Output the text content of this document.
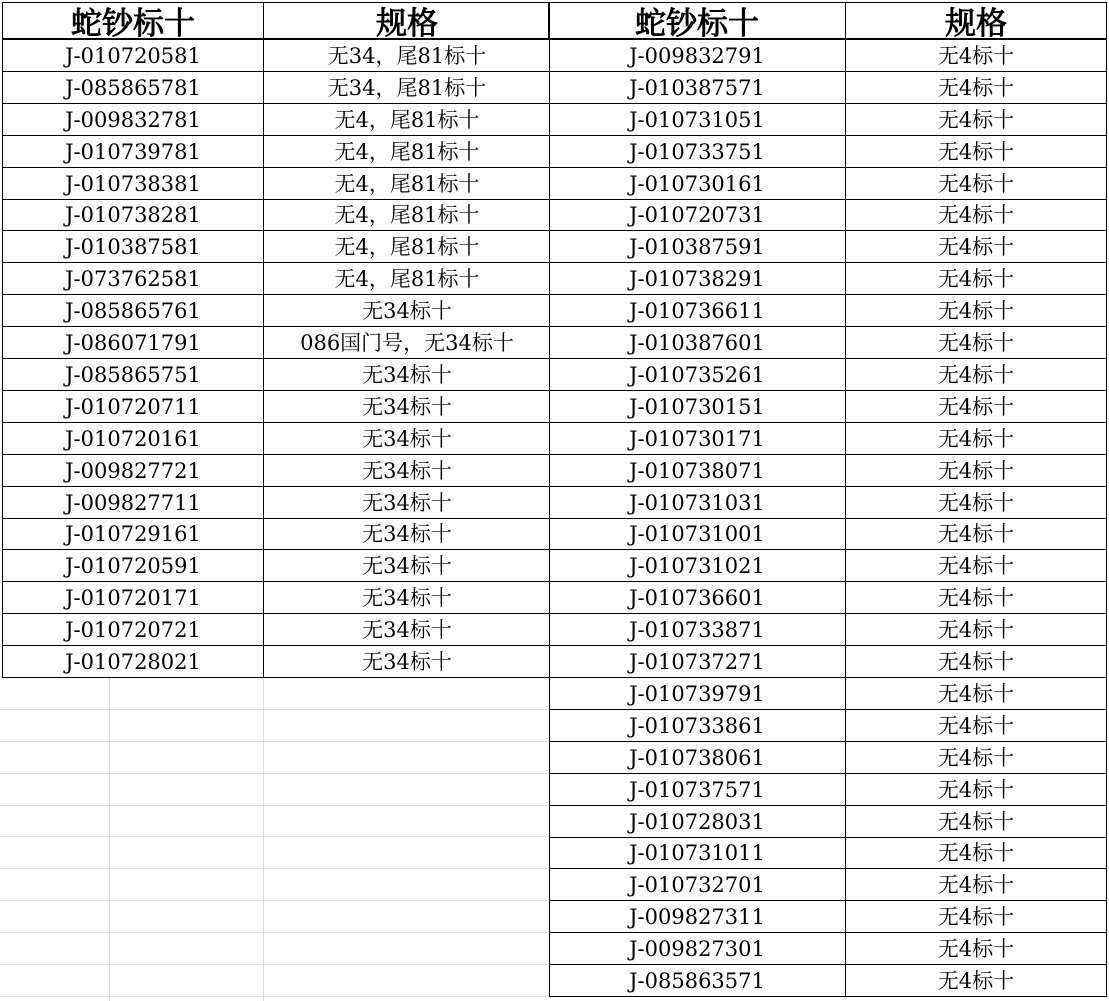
蛇钞标十	规格	蛇钞标十	规格
J-010720581	无34，尾81标十
J-085865781	无34，尾81标十
J-009832781	无4，尾81标十
J-010739781	无4，尾81标十
J-010738381	无4，尾81标十
J-010738281	无4，尾81标十
J-010387581	无4，尾81标十
J-073762581	无4，尾81标十
J-085865761	无34标十
J-086071791	086国门号，无34标十
J-085865751	无34标十
J-010720711	无34标十
J-010720161	无34标十
J-009827721	无34标十
J-009827711	无34标十
J-010729161	无34标十
J-010720591	无34标十
J-010720171	无34标十
J-010720721	无34标十
J-010728021	无34标十
J-009832791	无4标十
J-010387571	无4标十
J-010731051	无4标十
J-010733751	无4标十
J-010730161	无4标十
J-010720731	无4标十
J-010387591	无4标十
J-010738291	无4标十
J-010736611	无4标十
J-010387601	无4标十
J-010735261	无4标十
J-010730151	无4标十
J-010730171	无4标十
J-010738071	无4标十
J-010731031	无4标十
J-010731001	无4标十
J-010731021	无4标十
J-010736601	无4标十
J-010733871	无4标十
J-010737271	无4标十
J-010739791	无4标十
J-010733861	无4标十
J-010738061	无4标十
J-010737571	无4标十
J-010728031	无4标十
J-010731011	无4标十
J-010732701	无4标十
J-009827311	无4标十
J-009827301	无4标十
J-085863571	无4标十
